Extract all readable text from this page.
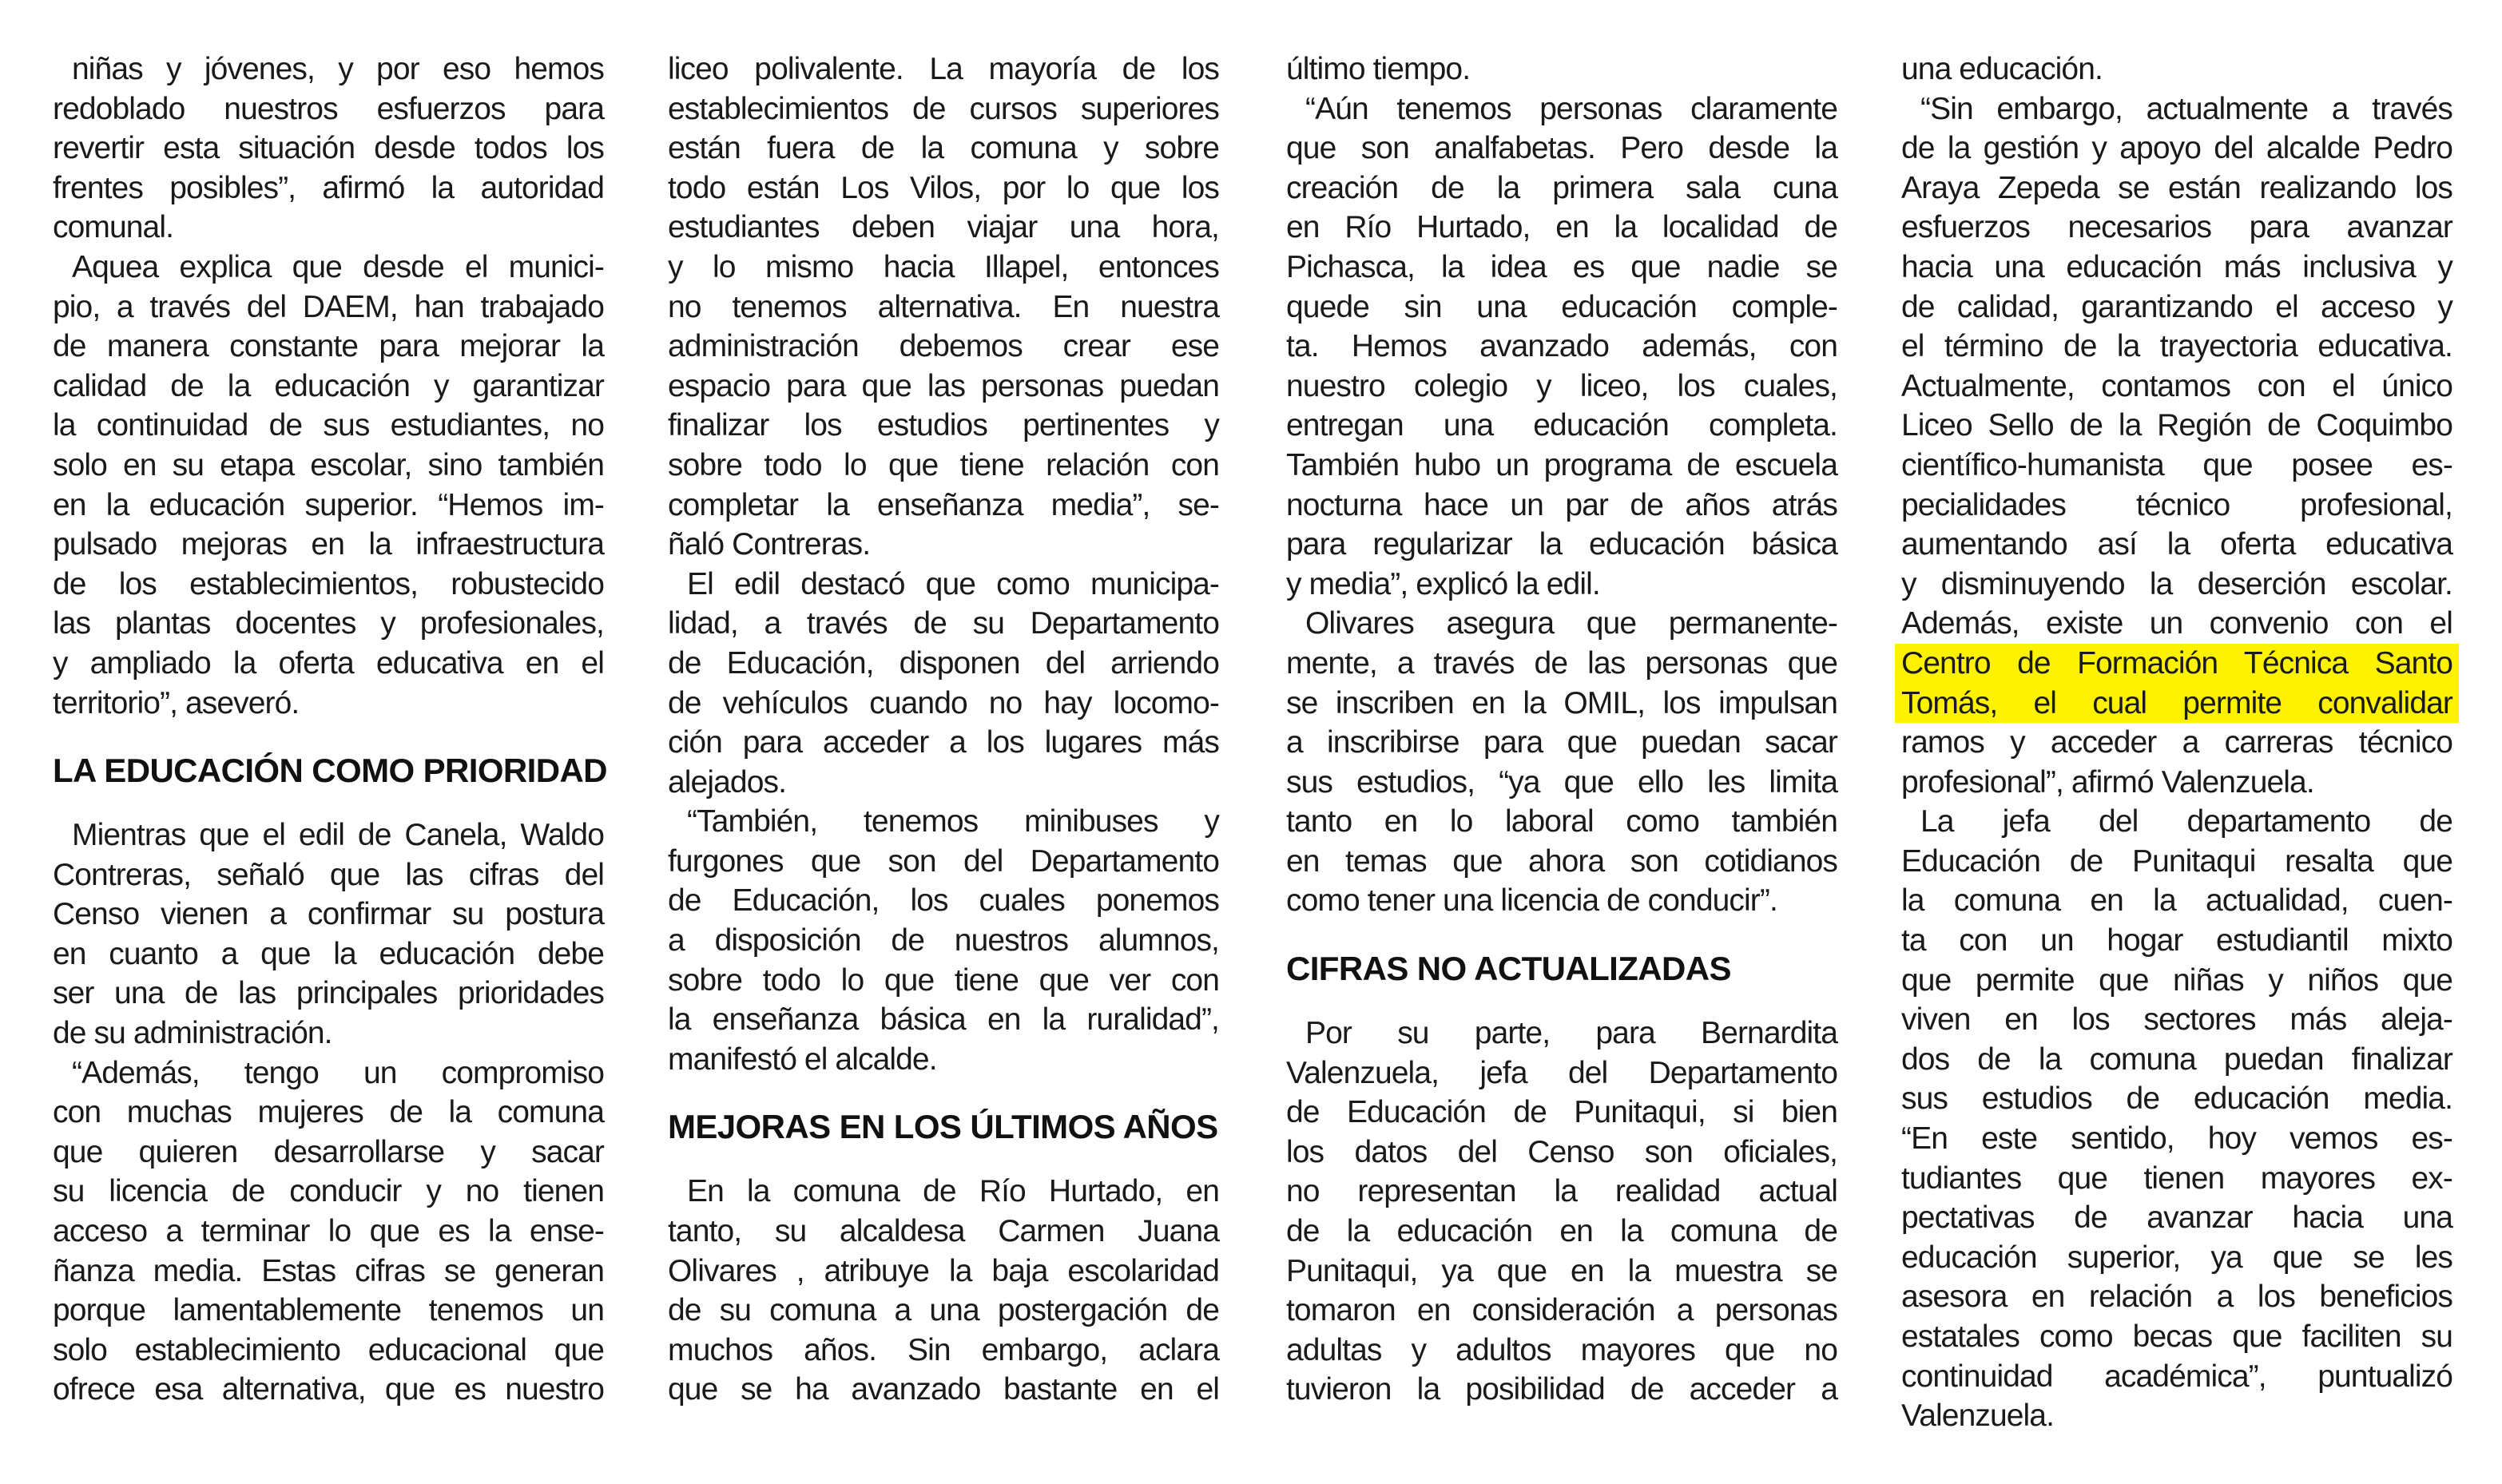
niñas y jóvenes, y por eso hemos
redoblado nuestros esfuerzos para
revertir esta situación desde todos los
frentes posibles”, afirmó la autoridad
comunal.
Aquea explica que desde el munici-
pio, a través del DAEM, han trabajado
de manera constante para mejorar la
calidad de la educación y garantizar
la continuidad de sus estudiantes, no
solo en su etapa escolar, sino también
en la educación superior. “Hemos im-
pulsado mejoras en la infraestructura
de los establecimientos, robustecido
las plantas docentes y profesionales,
y ampliado la oferta educativa en el
territorio”, aseveró.
LA EDUCACIÓN COMO PRIORIDAD
Mientras que el edil de Canela, Waldo
Contreras, señaló que las cifras del
Censo vienen a confirmar su postura
en cuanto a que la educación debe
ser una de las principales prioridades
de su administración.
“Además, tengo un compromiso
con muchas mujeres de la comuna
que quieren desarrollarse y sacar
su licencia de conducir y no tienen
acceso a terminar lo que es la ense-
ñanza media. Estas cifras se generan
porque lamentablemente tenemos un
solo establecimiento educacional que
ofrece esa alternativa, que es nuestro
liceo polivalente. La mayoría de los
establecimientos de cursos superiores
están fuera de la comuna y sobre
todo están Los Vilos, por lo que los
estudiantes deben viajar una hora,
y lo mismo hacia Illapel, entonces
no tenemos alternativa. En nuestra
administración debemos crear ese
espacio para que las personas puedan
finalizar los estudios pertinentes y
sobre todo lo que tiene relación con
completar la enseñanza media”, se-
ñaló Contreras.
El edil destacó que como municipa-
lidad, a través de su Departamento
de Educación, disponen del arriendo
de vehículos cuando no hay locomo-
ción para acceder a los lugares más
alejados.
“También, tenemos minibuses y
furgones que son del Departamento
de Educación, los cuales ponemos
a disposición de nuestros alumnos,
sobre todo lo que tiene que ver con
la enseñanza básica en la ruralidad”,
manifestó el alcalde.
MEJORAS EN LOS ÚLTIMOS AÑOS
En la comuna de Río Hurtado, en
tanto, su alcaldesa Carmen Juana
Olivares , atribuye la baja escolaridad
de su comuna a una postergación de
muchos años. Sin embargo, aclara
que se ha avanzado bastante en el
último tiempo.
“Aún tenemos personas claramente
que son analfabetas. Pero desde la
creación de la primera sala cuna
en Río Hurtado, en la localidad de
Pichasca, la idea es que nadie se
quede sin una educación comple-
ta. Hemos avanzado además, con
nuestro colegio y liceo, los cuales,
entregan una educación completa.
También hubo un programa de escuela
nocturna hace un par de años atrás
para regularizar la educación básica
y media”, explicó la edil.
Olivares asegura que permanente-
mente, a través de las personas que
se inscriben en la OMIL, los impulsan
a inscribirse para que puedan sacar
sus estudios, “ya que ello les limita
tanto en lo laboral como también
en temas que ahora son cotidianos
como tener una licencia de conducir”.
CIFRAS NO ACTUALIZADAS
Por su parte, para Bernardita
Valenzuela, jefa del Departamento
de Educación de Punitaqui, si bien
los datos del Censo son oficiales,
no representan la realidad actual
de la educación en la comuna de
Punitaqui, ya que en la muestra se
tomaron en consideración a personas
adultas y adultos mayores que no
tuvieron la posibilidad de acceder a
una educación.
“Sin embargo, actualmente a través
de la gestión y apoyo del alcalde Pedro
Araya Zepeda se están realizando los
esfuerzos necesarios para avanzar
hacia una educación más inclusiva y
de calidad, garantizando el acceso y
el término de la trayectoria educativa.
Actualmente, contamos con el único
Liceo Sello de la Región de Coquimbo
científico-humanista que posee es-
pecialidades técnico profesional,
aumentando así la oferta educativa
y disminuyendo la deserción escolar.
Además, existe un convenio con el
Centro de Formación Técnica Santo
Tomás, el cual permite convalidar
ramos y acceder a carreras técnico
profesional”, afirmó Valenzuela.
La jefa del departamento de
Educación de Punitaqui resalta que
la comuna en la actualidad, cuen-
ta con un hogar estudiantil mixto
que permite que niñas y niños que
viven en los sectores más aleja-
dos de la comuna puedan finalizar
sus estudios de educación media.
“En este sentido, hoy vemos es-
tudiantes que tienen mayores ex-
pectativas de avanzar hacia una
educación superior, ya que se les
asesora en relación a los beneficios
estatales como becas que faciliten su
continuidad académica”, puntualizó
Valenzuela.
